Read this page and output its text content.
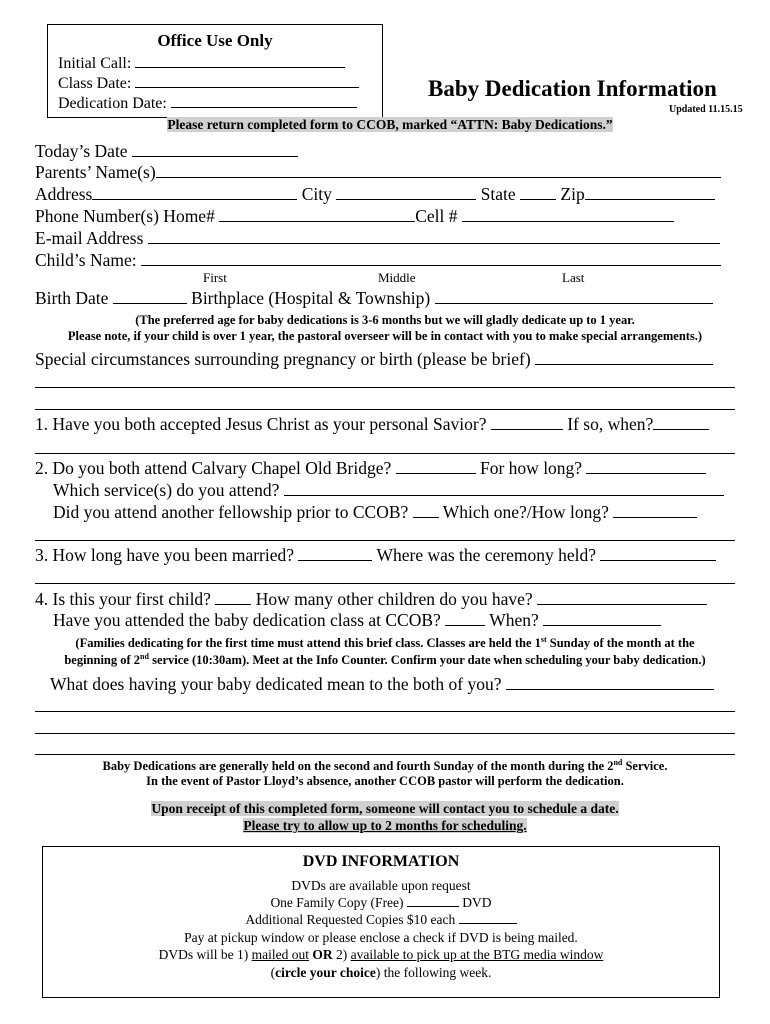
Office Use Only
Initial Call:
Class Date:
Dedication Date:
Baby Dedication Information
Updated 11.15.15
Please return completed form to CCOB, marked “ATTN: Baby Dedications.”
Today’s Date
Parents’ Name(s)
Address	City	State	Zip
Phone Number(s) Home#	Cell #
E-mail Address
Child’s Name:
First	Middle	Last
Birth Date	Birthplace (Hospital & Township)
(The preferred age for baby dedications is 3-6 months but we will gladly dedicate up to 1 year.
Please note, if your child is over 1 year, the pastoral overseer will be in contact with you to make special arrangements.)
Special circumstances surrounding pregnancy or birth (please be brief)
1. Have you both accepted Jesus Christ as your personal Savior?	If so, when?
2. Do you both attend Calvary Chapel Old Bridge?	For how long?
Which service(s) do you attend?
Did you attend another fellowship prior to CCOB? Which one?/How long?
3. How long have you been married?	Where was the ceremony held?
4. Is this your first child?	How many other children do you have?
Have you attended the baby dedication class at CCOB?	When?
(Families dedicating for the first time must attend this brief class. Classes are held the 1st Sunday of the month at the
beginning of 2nd service (10:30am). Meet at the Info Counter. Confirm your date when scheduling your baby dedication.)
What does having your baby dedicated mean to the both of you?
Baby Dedications are generally held on the second and fourth Sunday of the month during the 2nd Service.
In the event of Pastor Lloyd’s absence, another CCOB pastor will perform the dedication.
Upon receipt of this completed form, someone will contact you to schedule a date.
Please try to allow up to 2 months for scheduling.
DVD INFORMATION
DVDs are available upon request
One Family Copy (Free)	DVD
Additional Requested Copies $10 each
Pay at pickup window or please enclose a check if DVD is being mailed.
DVDs will be 1) mailed out OR 2) available to pick up at the BTG media window
(circle your choice) the following week.
